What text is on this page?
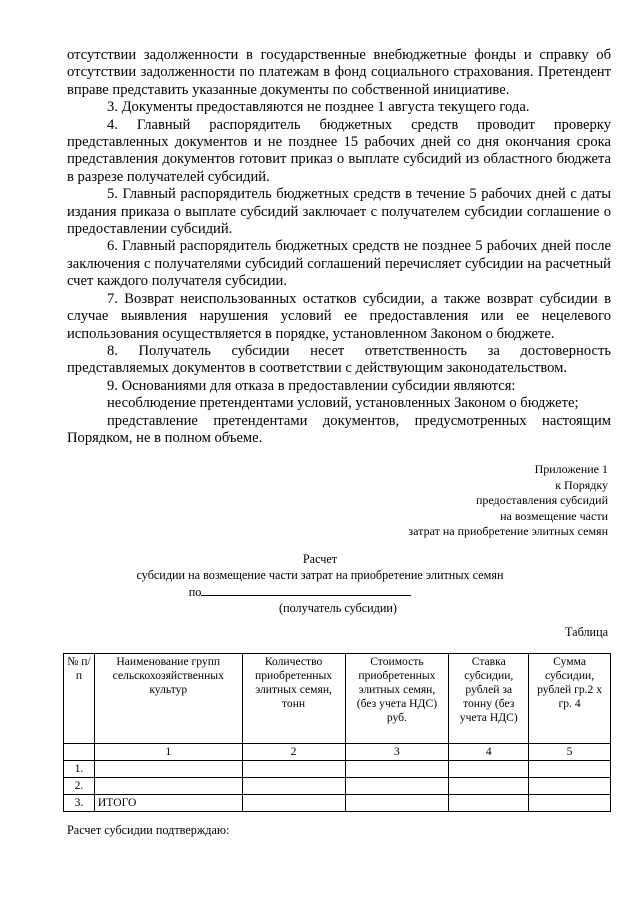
отсутствии задолженности в государственные внебюджетные фонды и справку об отсутствии задолженности по платежам в фонд социального страхования. Претендент вправе представить указанные документы по собственной инициативе.

3. Документы предоставляются не позднее 1 августа текущего года.

4. Главный распорядитель бюджетных средств проводит проверку представленных документов и не позднее 15 рабочих дней со дня окончания срока представления документов готовит приказ о выплате субсидий из областного бюджета в разрезе получателей субсидий.

5. Главный распорядитель бюджетных средств в течение 5 рабочих дней с даты издания приказа о выплате субсидий заключает с получателем субсидии соглашение о предоставлении субсидий.

6. Главный распорядитель бюджетных средств не позднее 5 рабочих дней после заключения с получателями субсидий соглашений перечисляет субсидии на расчетный счет каждого получателя субсидии.

7. Возврат неиспользованных остатков субсидии, а также возврат субсидии в случае выявления нарушения условий ее предоставления или ее нецелевого использования осуществляется в порядке, установленном Законом о бюджете.

8. Получатель субсидии несет ответственность за достоверность представляемых документов в соответствии с действующим законодательством.

9. Основаниями для отказа в предоставлении субсидии являются:

несоблюдение претендентами условий, установленных Законом о бюджете;

представление претендентами документов, предусмотренных настоящим Порядком, не в полном объеме.

Приложение 1
к Порядку
предоставления субсидий
на возмещение части
затрат на приобретение элитных семян
Расчет
субсидии на возмещение части затрат на приобретение элитных семян
по
(получатель субсидии)
Таблица
№ п/п	Наименование групп сельскохозяйственных культур	Количество приобретенных элитных семян, тонн	Стоимость приобретенных элитных семян, (без учета НДС) руб.	Ставка субсидии, рублей за тонну (без учета НДС)	Сумма субсидии, рублей гр.2 х гр. 4
	1	2	3	4	5
1.					
2.					
3.	ИТОГО				
Расчет субсидии подтверждаю:
